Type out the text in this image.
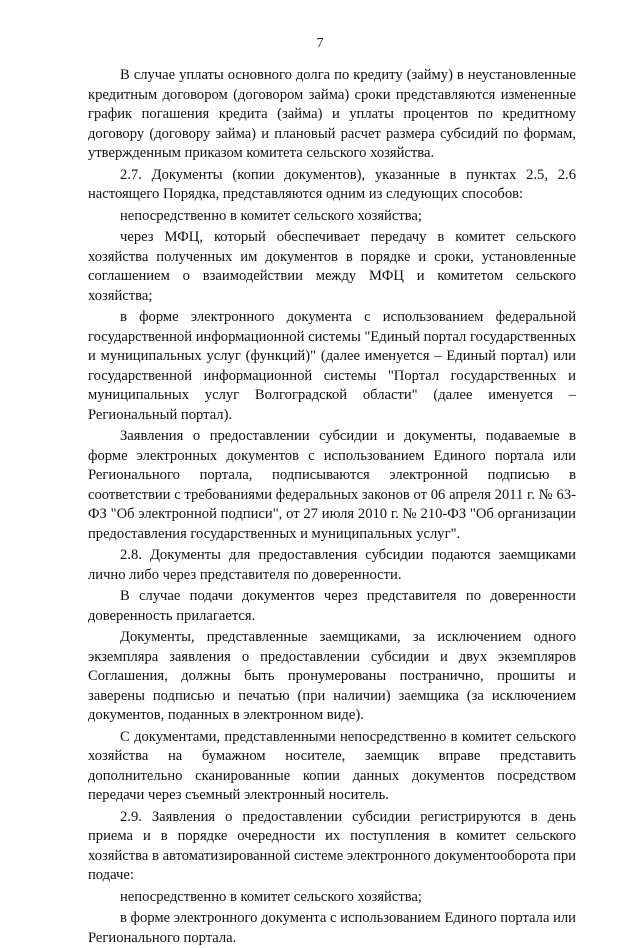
7

В случае уплаты основного долга по кредиту (займу) в неустановленные кредитным договором (договором займа) сроки представляются измененные график погашения кредита (займа) и уплаты процентов по кредитному договору (договору займа) и плановый расчет размера субсидий по формам, утвержденным приказом комитета сельского хозяйства.

2.7. Документы (копии документов), указанные в пунктах 2.5, 2.6 настоящего Порядка, представляются одним из следующих способов:

непосредственно в комитет сельского хозяйства;

через МФЦ, который обеспечивает передачу в комитет сельского хозяйства полученных им документов в порядке и сроки, установленные соглашением о взаимодействии между МФЦ и комитетом сельского хозяйства;

в форме электронного документа с использованием федеральной государственной информационной системы "Единый портал государственных и муниципальных услуг (функций)" (далее именуется – Единый портал) или государственной информационной системы "Портал государственных и муниципальных услуг Волгоградской области" (далее именуется – Региональный портал).

Заявления о предоставлении субсидии и документы, подаваемые в форме электронных документов с использованием Единого портала или Регионального портала, подписываются электронной подписью в соответствии с требованиями федеральных законов от 06 апреля 2011 г. № 63-ФЗ "Об электронной подписи", от 27 июля 2010 г. № 210-ФЗ "Об организации предоставления государственных и муниципальных услуг".

2.8. Документы для предоставления субсидии подаются заемщиками лично либо через представителя по доверенности.

В случае подачи документов через представителя по доверенности доверенность прилагается.

Документы, представленные заемщиками, за исключением одного экземпляра заявления о предоставлении субсидии и двух экземпляров Соглашения, должны быть пронумерованы постранично, прошиты и заверены подписью и печатью (при наличии) заемщика (за исключением документов, поданных в электронном виде).

С документами, представленными непосредственно в комитет сельского хозяйства на бумажном носителе, заемщик вправе представить дополнительно сканированные копии данных документов посредством передачи через съемный электронный носитель.

2.9. Заявления о предоставлении субсидии регистрируются в день приема и в порядке очередности их поступления в комитет сельского хозяйства в автоматизированной системе электронного документооборота при подаче:

непосредственно в комитет сельского хозяйства;

в форме электронного документа с использованием Единого портала или Регионального портала.
